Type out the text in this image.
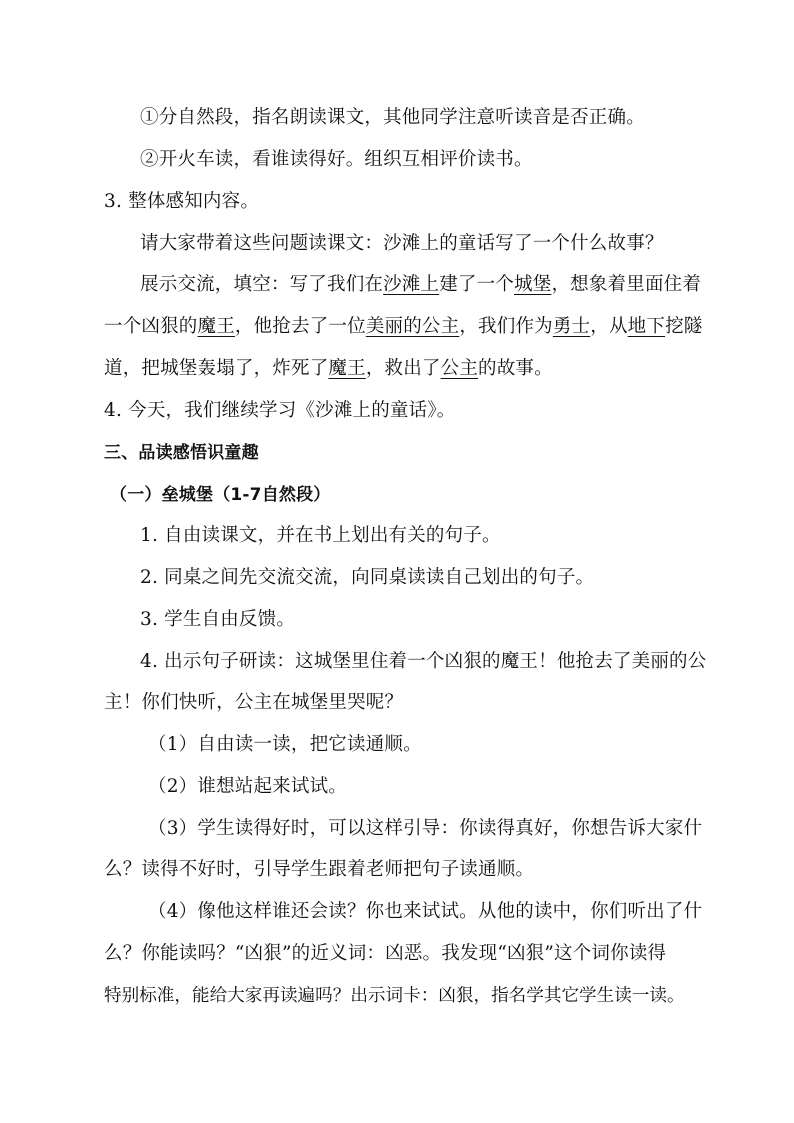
①分自然段，指名朗读课文，其他同学注意听读音是否正确。
②开火车读，看谁读得好。组织互相评价读书。
3. 整体感知内容。
请大家带着这些问题读课文：沙滩上的童话写了一个什么故事？
展示交流，填空：写了我们在沙滩上建了一个城堡，想象着里面住着
一个凶狠的魔王，他抢去了一位美丽的公主，我们作为勇士，从地下挖隧
道，把城堡轰塌了，炸死了魔王，救出了公主的故事。
4. 今天，我们继续学习《沙滩上的童话》。
三、品读感悟识童趣
（一）垒城堡（1-7自然段）
1. 自由读课文，并在书上划出有关的句子。
2. 同桌之间先交流交流，向同桌读读自己划出的句子。
3. 学生自由反馈。
4. 出示句子研读：这城堡里住着一个凶狠的魔王！他抢去了美丽的公
主！你们快听，公主在城堡里哭呢？
（1）自由读一读，把它读通顺。
（2）谁想站起来试试。
（3）学生读得好时，可以这样引导：你读得真好，你想告诉大家什
么？读得不好时，引导学生跟着老师把句子读通顺。
（4）像他这样谁还会读？你也来试试。从他的读中，你们听出了什
么？你能读吗？“凶狠”的近义词：凶恶。我发现“凶狠”这个词你读得
特别标准，能给大家再读遍吗？出示词卡：凶狠，指名学其它学生读一读。
